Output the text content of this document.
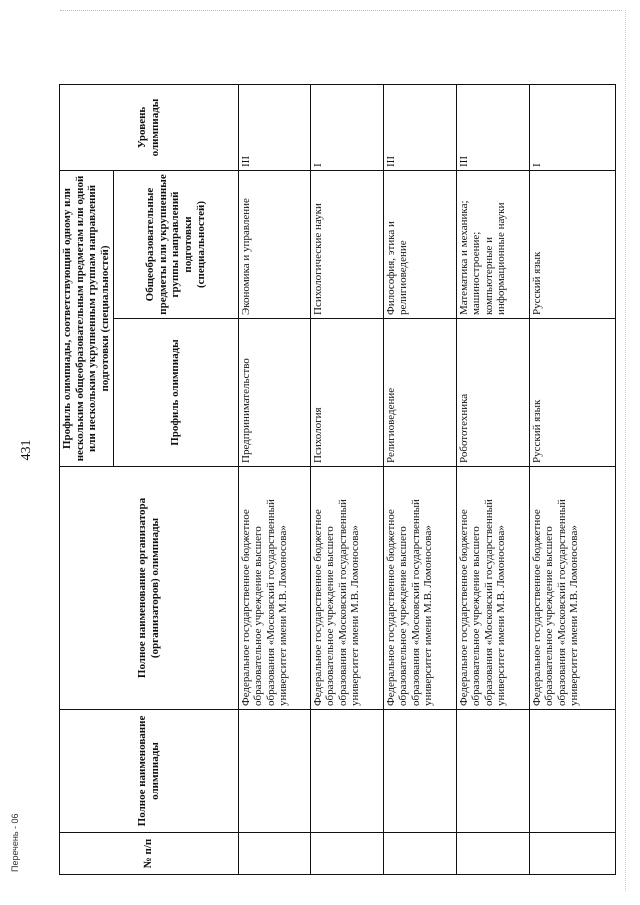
431
№ п/п	Полное наименование олимпиады	Полное наименование организатора (организаторов) олимпиады	Профиль олимпиады, соответствующий одному или нескольким общеобразовательным предметам или одной или нескольким укрупненным группам направлений подготовки (специальностей)		Уровень олимпиады
			Профиль олимпиады	Общеобразовательные предметы или укрупненные группы направлений подготовки (специальностей)	
		Федеральное государственное бюджетное образовательное учреждение высшего образования «Московский государственный университет имени М.В. Ломоносова»	Предпринимательство	Экономика и управление	III
		Федеральное государственное бюджетное образовательное учреждение высшего образования «Московский государственный университет имени М.В. Ломоносова»	Психология	Психологические науки	I
		Федеральное государственное бюджетное образовательное учреждение высшего образования «Московский государственный университет имени М.В. Ломоносова»	Религиоведение	Философия, этика и религиоведение	III
		Федеральное государственное бюджетное образовательное учреждение высшего образования «Московский государственный университет имени М.В. Ломоносова»	Робототехника	Математика и механика; машиностроение; компьютерные и информационные науки	III
		Федеральное государственное бюджетное образовательное учреждение высшего образования «Московский государственный университет имени М.В. Ломоносова»	Русский язык	Русский язык	I
Перечень - 06
